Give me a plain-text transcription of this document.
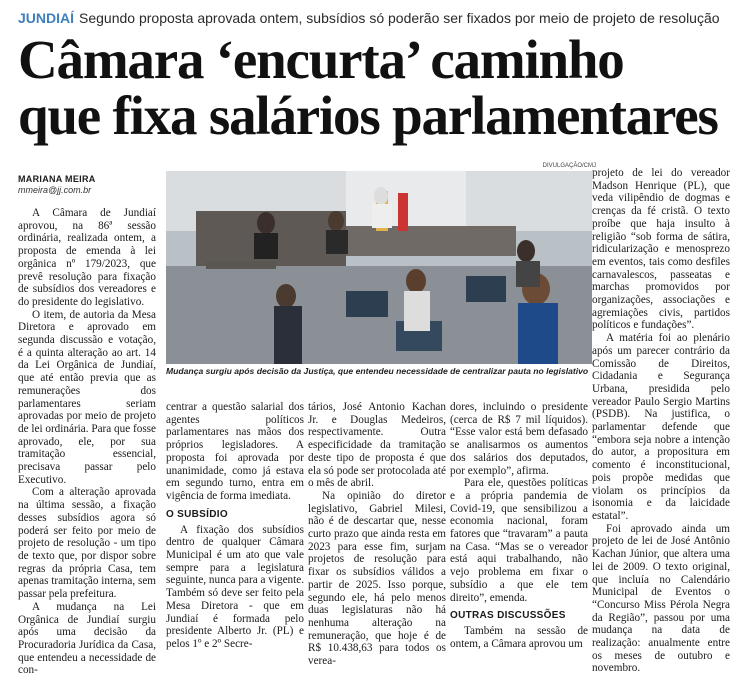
JUNDIAÍ Segundo proposta aprovada ontem, subsídios só poderão ser fixados por meio de projeto de resolução
Câmara ‘encurta’ caminho
que fixa salários parlamentares
MARIANA MEIRA
mmeira@jj.com.br
DIVULGAÇÃO/CMJ
Mudança surgiu após decisão da Justiça, que entendeu necessidade de centralizar pauta no legislativo

A Câmara de Jundiaí aprovou, na 86ª sessão ordinária, realizada ontem, a proposta de emenda à lei orgânica nº 179/2023, que prevê resolução para fixação de subsídios dos vereadores e do presidente do legislativo.

O item, de autoria da Mesa Diretora e aprovado em segunda discussão e votação, é a quinta alteração ao art. 14 da Lei Orgânica de Jundiaí, que até então previa que as remunerações dos parlamentares seriam aprovadas por meio de projeto de lei ordinária. Para que fosse aprovado, ele, por sua tramitação essencial, precisava passar pelo Executivo.

Com a alteração aprovada na última sessão, a fixação desses subsídios agora só poderá ser feito por meio de projeto de resolução - um tipo de texto que, por dispor sobre regras da própria Casa, tem apenas tramitação interna, sem passar pela prefeitura.

A mudança na Lei Orgânica de Jundiaí surgiu após uma decisão da Procuradoria Jurídica da Casa, que entendeu a necessidade de con-

centrar a questão salarial dos agentes políticos parlamentares nas mãos dos próprios legisladores. A proposta foi aprovada por unanimidade, como já estava em segundo turno, entra em vigência de forma imediata.

O SUBSÍDIO

A fixação dos subsídios dentro de qualquer Câmara Municipal é um ato que vale sempre para a legislatura seguinte, nunca para a vigente. Também só deve ser feito pela Mesa Diretora - que em Jundiaí é formada pelo presidente Alberto Jr. (PL) e pelos 1º e 2º Secre-

tários, José Antonio Kachan Jr. e Douglas Medeiros, respectivamente. Outra especificidade da tramitação deste tipo de proposta é que ela só pode ser protocolada até o mês de abril.

Na opinião do diretor legislativo, Gabriel Milesi, não é de descartar que, nesse curto prazo que ainda resta em 2023 para esse fim, surjam projetos de resolução para fixar os subsídios válidos a partir de 2025. Isso porque, segundo ele, há pelo menos duas legislaturas não há nenhuma alteração na remuneração, que hoje é de R$ 10.438,63 para todos os verea-

dores, incluindo o presidente (cerca de R$ 7 mil líquidos). “Esse valor está bem defasado se analisarmos os aumentos dos salários dos deputados, por exemplo”, afirma.

Para ele, questões políticas e a própria pandemia de Covid-19, que sensibilizou a economia nacional, foram fatores que “travaram” a pauta na Casa. “Mas se o vereador está aqui trabalhando, não vejo problema em fixar o subsídio a que ele tem direito”, emenda.

OUTRAS DISCUSSÕES

Também na sessão de ontem, a Câmara aprovou um

projeto de lei do vereador Madson Henrique (PL), que veda vilipêndio de dogmas e crenças da fé cristã. O texto proíbe que haja insulto à religião “sob forma de sátira, ridicularização e menosprezo em eventos, tais como desfiles carnavalescos, passeatas e marchas promovidos por organizações, associações e agremiações civis, partidos políticos e fundações”.

A matéria foi ao plenário após um parecer contrário da Comissão de Direitos, Cidadania e Segurança Urbana, presidida pelo vereador Paulo Sergio Martins (PSDB). Na justifica, o parlamentar defende que “embora seja nobre a intenção do autor, a propositura em comento é inconstitucional, pois propõe medidas que violam os princípios da isonomia e da laicidade estatal”.

Foi aprovado ainda um projeto de lei de José Antônio Kachan Júnior, que altera uma lei de 2009. O texto original, que incluía no Calendário Municipal de Eventos o “Concurso Miss Pérola Negra da Região”, passou por uma mudança na data de realização: anualmente entre os meses de outubro e novembro.
